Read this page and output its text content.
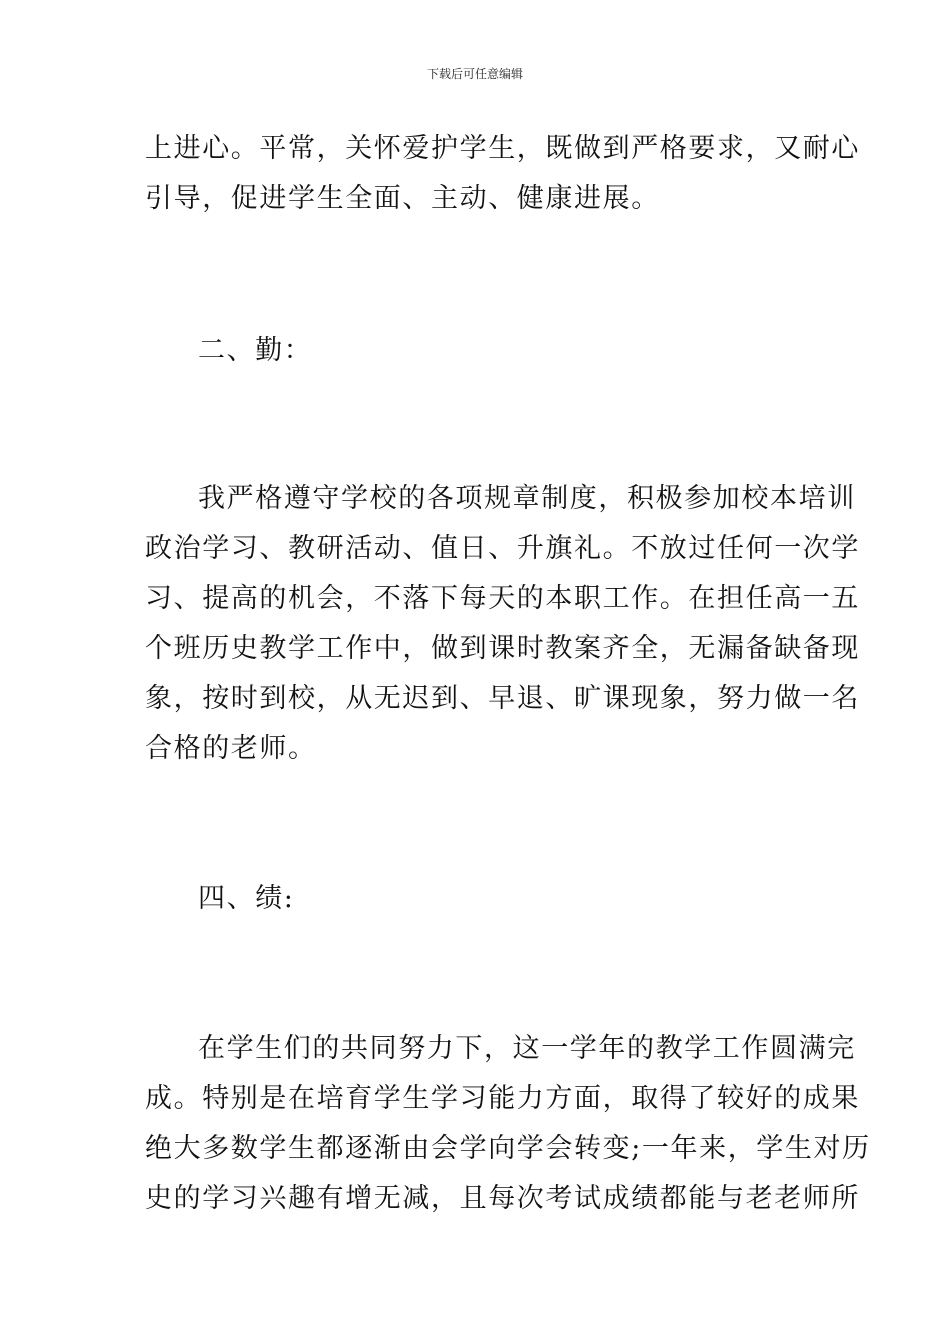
下载后可任意编辑
上进心。平常，关怀爱护学生，既做到严格要求，又耐心
引导，促进学生全面、主动、健康进展。
二、勤：
我严格遵守学校的各项规章制度，积极参加校本培训
政治学习、教研活动、值日、升旗礼。不放过任何一次学
习、提高的机会，不落下每天的本职工作。在担任高一五
个班历史教学工作中，做到课时教案齐全，无漏备缺备现
象，按时到校，从无迟到、早退、旷课现象，努力做一名
合格的老师。
四、绩:
在学生们的共同努力下，这一学年的教学工作圆满完
成。特别是在培育学生学习能力方面，取得了较好的成果
绝大多数学生都逐渐由会学向学会转变;一年来，学生对历
史的学习兴趣有增无减，且每次考试成绩都能与老老师所
